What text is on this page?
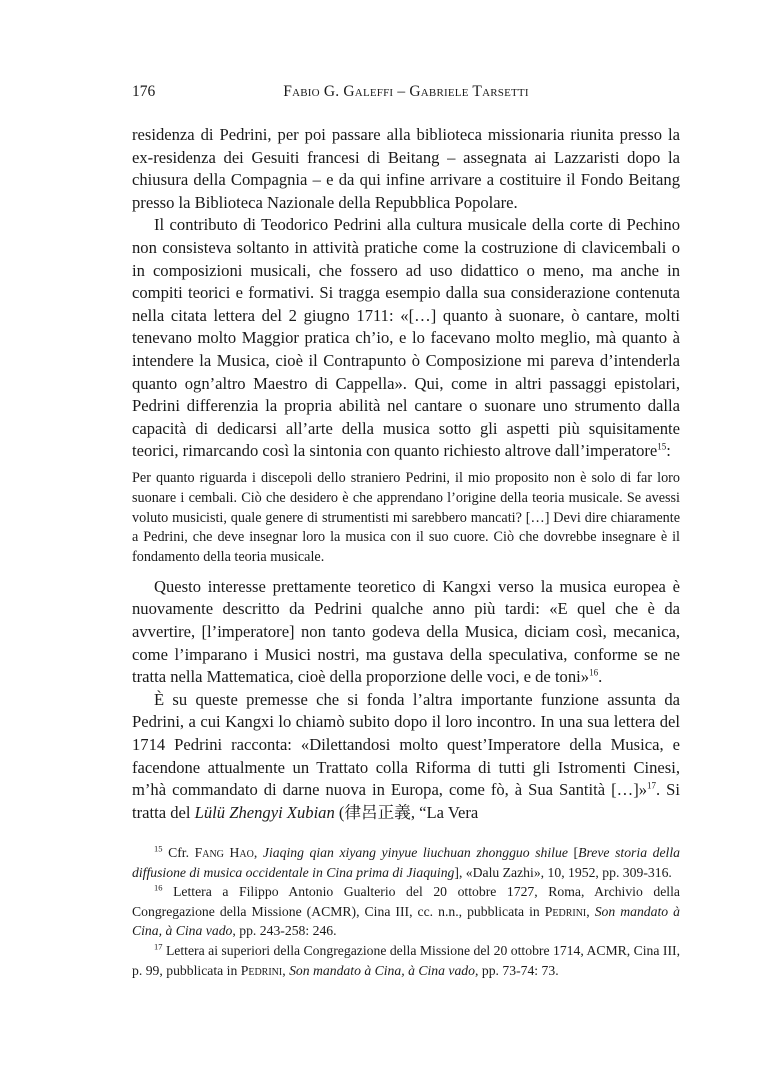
176	Fabio G. Galeffi – Gabriele Tarsetti

residenza di Pedrini, per poi passare alla biblioteca missionaria riunita presso la ex-residenza dei Gesuiti francesi di Beitang – assegnata ai Lazzaristi dopo la chiusura della Compagnia – e da qui infine arrivare a costituire il Fondo Beitang presso la Biblioteca Nazionale della Repubblica Popolare.

Il contributo di Teodorico Pedrini alla cultura musicale della corte di Pechino non consisteva soltanto in attività pratiche come la costruzione di clavicembali o in composizioni musicali, che fossero ad uso didattico o meno, ma anche in compiti teorici e formativi. Si tragga esempio dalla sua considerazione contenuta nella citata lettera del 2 giugno 1711: «[…] quanto à suonare, ò cantare, molti tenevano molto Maggior pratica ch’io, e lo facevano molto meglio, mà quanto à intendere la Musica, cioè il Contrapunto ò Composizione mi pareva d’intenderla quanto ogn’altro Maestro di Cappella». Qui, come in altri passaggi epistolari, Pedrini differenzia la propria abilità nel cantare o suonare uno strumento dalla capacità di dedicarsi all’arte della musica sotto gli aspetti più squisitamente teorici, rimarcando così la sintonia con quanto richiesto altrove dall’imperatore$^{15}$:

Per quanto riguarda i discepoli dello straniero Pedrini, il mio proposito non è solo di far loro suonare i cembali. Ciò che desidero è che apprendano l’origine della teoria musicale. Se avessi voluto musicisti, quale genere di strumentisti mi sarebbero mancati? […] Devi dire chiaramente a Pedrini, che deve insegnar loro la musica con il suo cuore. Ciò che dovrebbe insegnare è il fondamento della teoria musicale.

Questo interesse prettamente teoretico di Kangxi verso la musica europea è nuovamente descritto da Pedrini qualche anno più tardi: «E quel che è da avvertire, [l’imperatore] non tanto godeva della Musica, diciam così, mecanica, come l’imparano i Musici nostri, ma gustava della speculativa, conforme se ne tratta nella Mattematica, cioè della proporzione delle voci, e de toni»$^{16}$.

È su queste premesse che si fonda l’altra importante funzione assunta da Pedrini, a cui Kangxi lo chiamò subito dopo il loro incontro. In una sua lettera del 1714 Pedrini racconta: «Dilettandosi molto quest’Imperatore della Musica, e facendone attualmente un Trattato colla Riforma di tutti gli Istromenti Cinesi, m’hà commandato di darne nuova in Europa, come fò, à Sua Santità […]»$^{17}$. Si tratta del Lülü Zhengyi Xubian (律呂正義, “La Vera

$^{15}$ Cfr. Fang Hao, Jiaqing qian xiyang yinyue liuchuan zhongguo shilue [Breve storia della diffusione di musica occidentale in Cina prima di Jiaquing], «Dalu Zazhi», 10, 1952, pp. 309-316.

$^{16}$ Lettera a Filippo Antonio Gualterio del 20 ottobre 1727, Roma, Archivio della Congregazione della Missione (ACMR), Cina III, cc. n.n., pubblicata in Pedrini, Son mandato à Cina, à Cina vado, pp. 243-258: 246.

$^{17}$ Lettera ai superiori della Congregazione della Missione del 20 ottobre 1714, ACMR, Cina III, p. 99, pubblicata in Pedrini, Son mandato à Cina, à Cina vado, pp. 73-74: 73.
